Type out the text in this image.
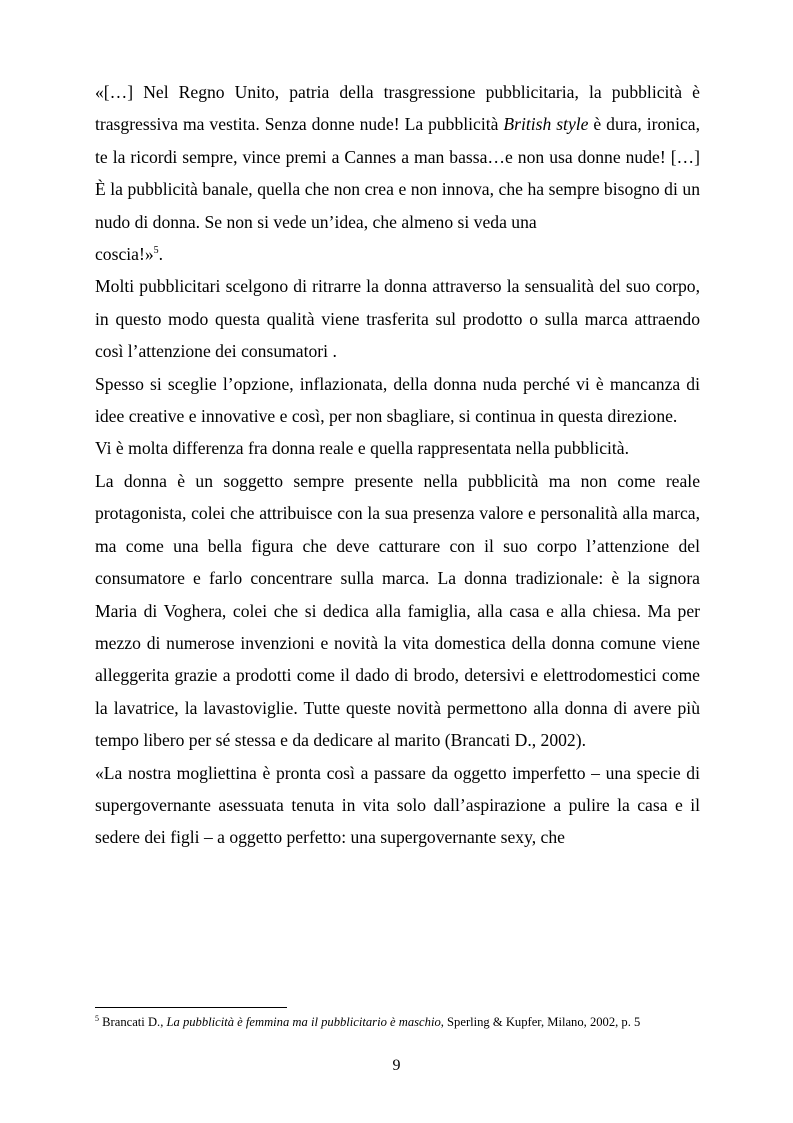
«[…] Nel Regno Unito, patria della trasgressione pubblicitaria, la pubblicità è trasgressiva ma vestita. Senza donne nude! La pubblicità British style è dura, ironica, te la ricordi sempre, vince premi a Cannes a man bassa…e non usa donne nude! […] È la pubblicità banale, quella che non crea e non innova, che ha sempre bisogno di un nudo di donna. Se non si vede un’idea, che almeno si veda una

coscia!»$^5$.

Molti pubblicitari scelgono di ritrarre la donna attraverso la sensualità del suo corpo, in questo modo questa qualità viene trasferita sul prodotto o sulla marca attraendo così l’attenzione dei consumatori .

Spesso si sceglie l’opzione, inflazionata, della donna nuda perché vi è mancanza di idee creative e innovative e così, per non sbagliare, si continua in questa direzione.

Vi è molta differenza fra donna reale e quella rappresentata nella pubblicità.

La donna è un soggetto sempre presente nella pubblicità ma non come reale protagonista, colei che attribuisce con la sua presenza valore e personalità alla marca, ma come una bella figura che deve catturare con il suo corpo l’attenzione del consumatore e farlo concentrare sulla marca. La donna tradizionale: è la signora Maria di Voghera, colei che si dedica alla famiglia, alla casa e alla chiesa. Ma per mezzo di numerose invenzioni e novità la vita domestica della donna comune viene alleggerita grazie a prodotti come il dado di brodo, detersivi e elettrodomestici come la lavatrice, la lavastoviglie. Tutte queste novità permettono alla donna di avere più tempo libero per sé stessa e da dedicare al marito (Brancati D., 2002).

«La nostra mogliettina è pronta così a passare da oggetto imperfetto – una specie di supergovernante asessuata tenuta in vita solo dall’aspirazione a pulire la casa e il sedere dei figli – a oggetto perfetto: una supergovernante sexy, che

$^5$ Brancati D., La pubblicità è femmina ma il pubblicitario è maschio, Sperling & Kupfer, Milano, 2002, p. 5
9
